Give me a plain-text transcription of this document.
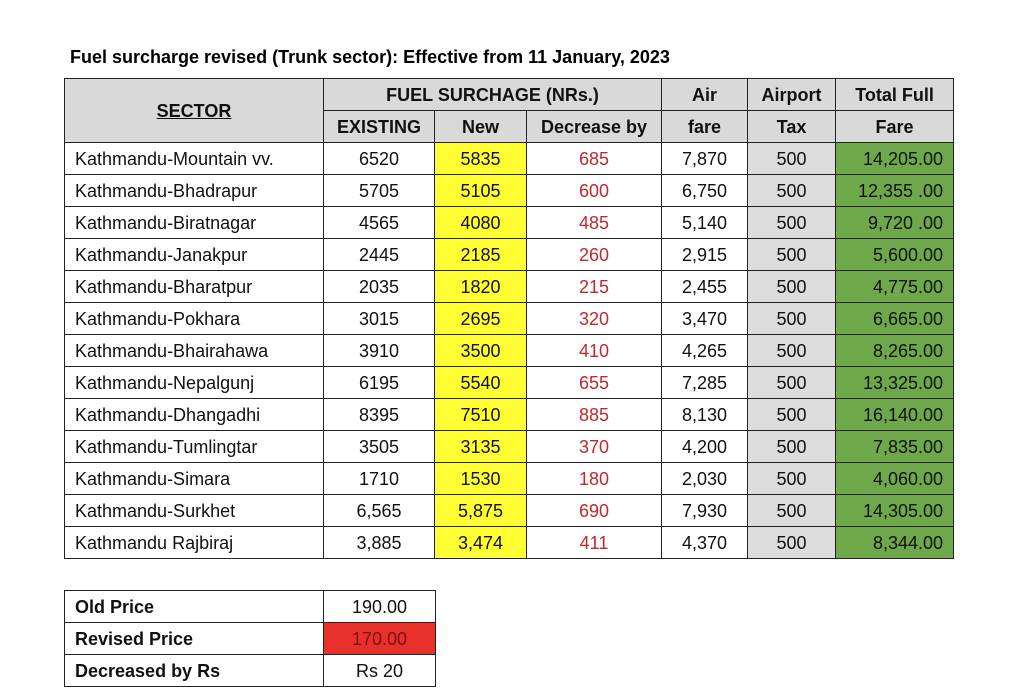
Fuel surcharge revised (Trunk sector): Effective from 11 January, 2023
SECTOR	FUEL SURCHAGE (NRs.)			Air	Airport	Total Full
	EXISTING	New	Decrease by	fare	Tax	Fare
Kathmandu-Mountain vv.	6520	5835	685	7,870	500	14,205.00
Kathmandu-Bhadrapur	5705	5105	600	6,750	500	12,355 .00
Kathmandu-Biratnagar	4565	4080	485	5,140	500	9,720 .00
Kathmandu-Janakpur	2445	2185	260	2,915	500	5,600.00
Kathmandu-Bharatpur	2035	1820	215	2,455	500	4,775.00
Kathmandu-Pokhara	3015	2695	320	3,470	500	6,665.00
Kathmandu-Bhairahawa	3910	3500	410	4,265	500	8,265.00
Kathmandu-Nepalgunj	6195	5540	655	7,285	500	13,325.00
Kathmandu-Dhangadhi	8395	7510	885	8,130	500	16,140.00
Kathmandu-Tumlingtar	3505	3135	370	4,200	500	7,835.00
Kathmandu-Simara	1710	1530	180	2,030	500	4,060.00
Kathmandu-Surkhet	6,565	5,875	690	7,930	500	14,305.00
Kathmandu Rajbiraj	3,885	3,474	411	4,370	500	8,344.00
Old Price	190.00
Revised Price	170.00
Decreased by Rs	Rs 20
